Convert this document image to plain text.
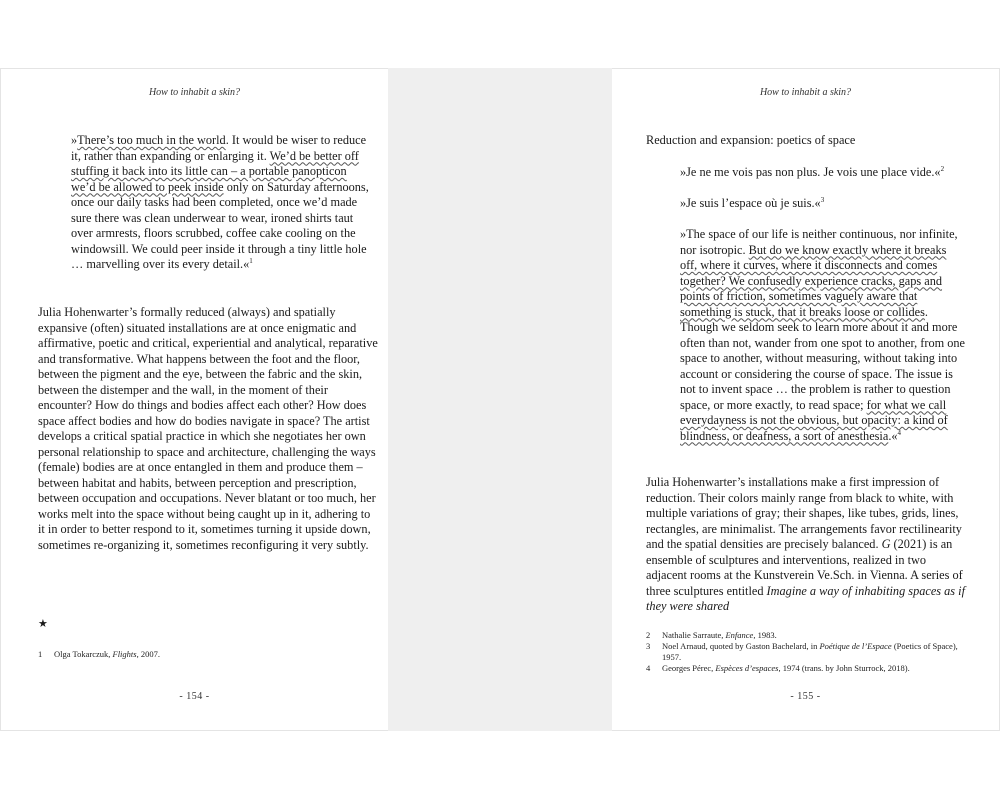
How to inhabit a skin?
»There’s too much in the world. It would be wiser to reduce it, rather than expanding or enlarging it. We’d be better off stuffing it back into its little can – a portable panopticon we’d be allowed to peek inside only on Saturday afternoons, once our daily tasks had been completed, once we’d made sure there was clean underwear to wear, ironed shirts taut over armrests, floors scrubbed, coffee cake cooling on the windowsill. We could peer inside it through a tiny little hole … marvelling over its every detail.«$^1$
Julia Hohenwarter’s formally reduced (always) and spatially expansive (often) situated installations are at once enigmatic and affirmative, poetic and critical, experiential and analytical, reparative and transformative. What happens between the foot and the floor, between the pigment and the eye, between the fabric and the skin, between the distemper and the wall, in the moment of their encounter? How do things and bodies affect each other? How does space affect bodies and how do bodies navigate in space? The artist develops a critical spatial practice in which she negotiates her own personal relationship to space and architecture, challenging the ways (female) bodies are at once entangled in them and produce them – between habitat and habits, between perception and prescription, between occupation and occupations. Never blatant or too much, her works melt into the space without being caught up in it, adhering to it in order to better respond to it, sometimes turning it upside down, sometimes re-organizing it, sometimes reconfiguring it very subtly.
★
1	Olga Tokarczuk, Flights, 2007.
- 154 -
How to inhabit a skin?
Reduction and expansion: poetics of space
»Je ne me vois pas non plus. Je vois une place vide.«$^2$
»Je suis l’espace où je suis.«$^3$
»The space of our life is neither continuous, nor infinite, nor isotropic. But do we know exactly where it breaks off, where it curves, where it disconnects and comes together? We confusedly experience cracks, gaps and points of friction, sometimes vaguely aware that something is stuck, that it breaks loose or collides. Though we seldom seek to learn more about it and more often than not, wander from one spot to another, from one space to another, without measuring, without taking into account or considering the course of space. The issue is not to invent space … the problem is rather to question space, or more exactly, to read space; for what we call everydayness is not the obvious, but opacity: a kind of blindness, or deafness, a sort of anesthesia.«$^4$
Julia Hohenwarter’s installations make a first impression of reduction. Their colors mainly range from black to white, with multiple variations of gray; their shapes, like tubes, grids, lines, rectangles, are minimalist. The arrangements favor rectilinearity and the spatial densities are precisely balanced. G (2021) is an ensemble of sculptures and interventions, realized in two adjacent rooms at the Kunstverein Ve.Sch. in Vienna. A series of three sculptures entitled Imagine a way of inhabiting spaces as if they were shared
2	Nathalie Sarraute, Enfance, 1983.
3	Noel Arnaud, quoted by Gaston Bachelard, in Poétique de l’Espace (Poetics of Space), 1957.
4	Georges Pérec, Espèces d’espaces, 1974 (trans. by John Sturrock, 2018).
- 155 -
